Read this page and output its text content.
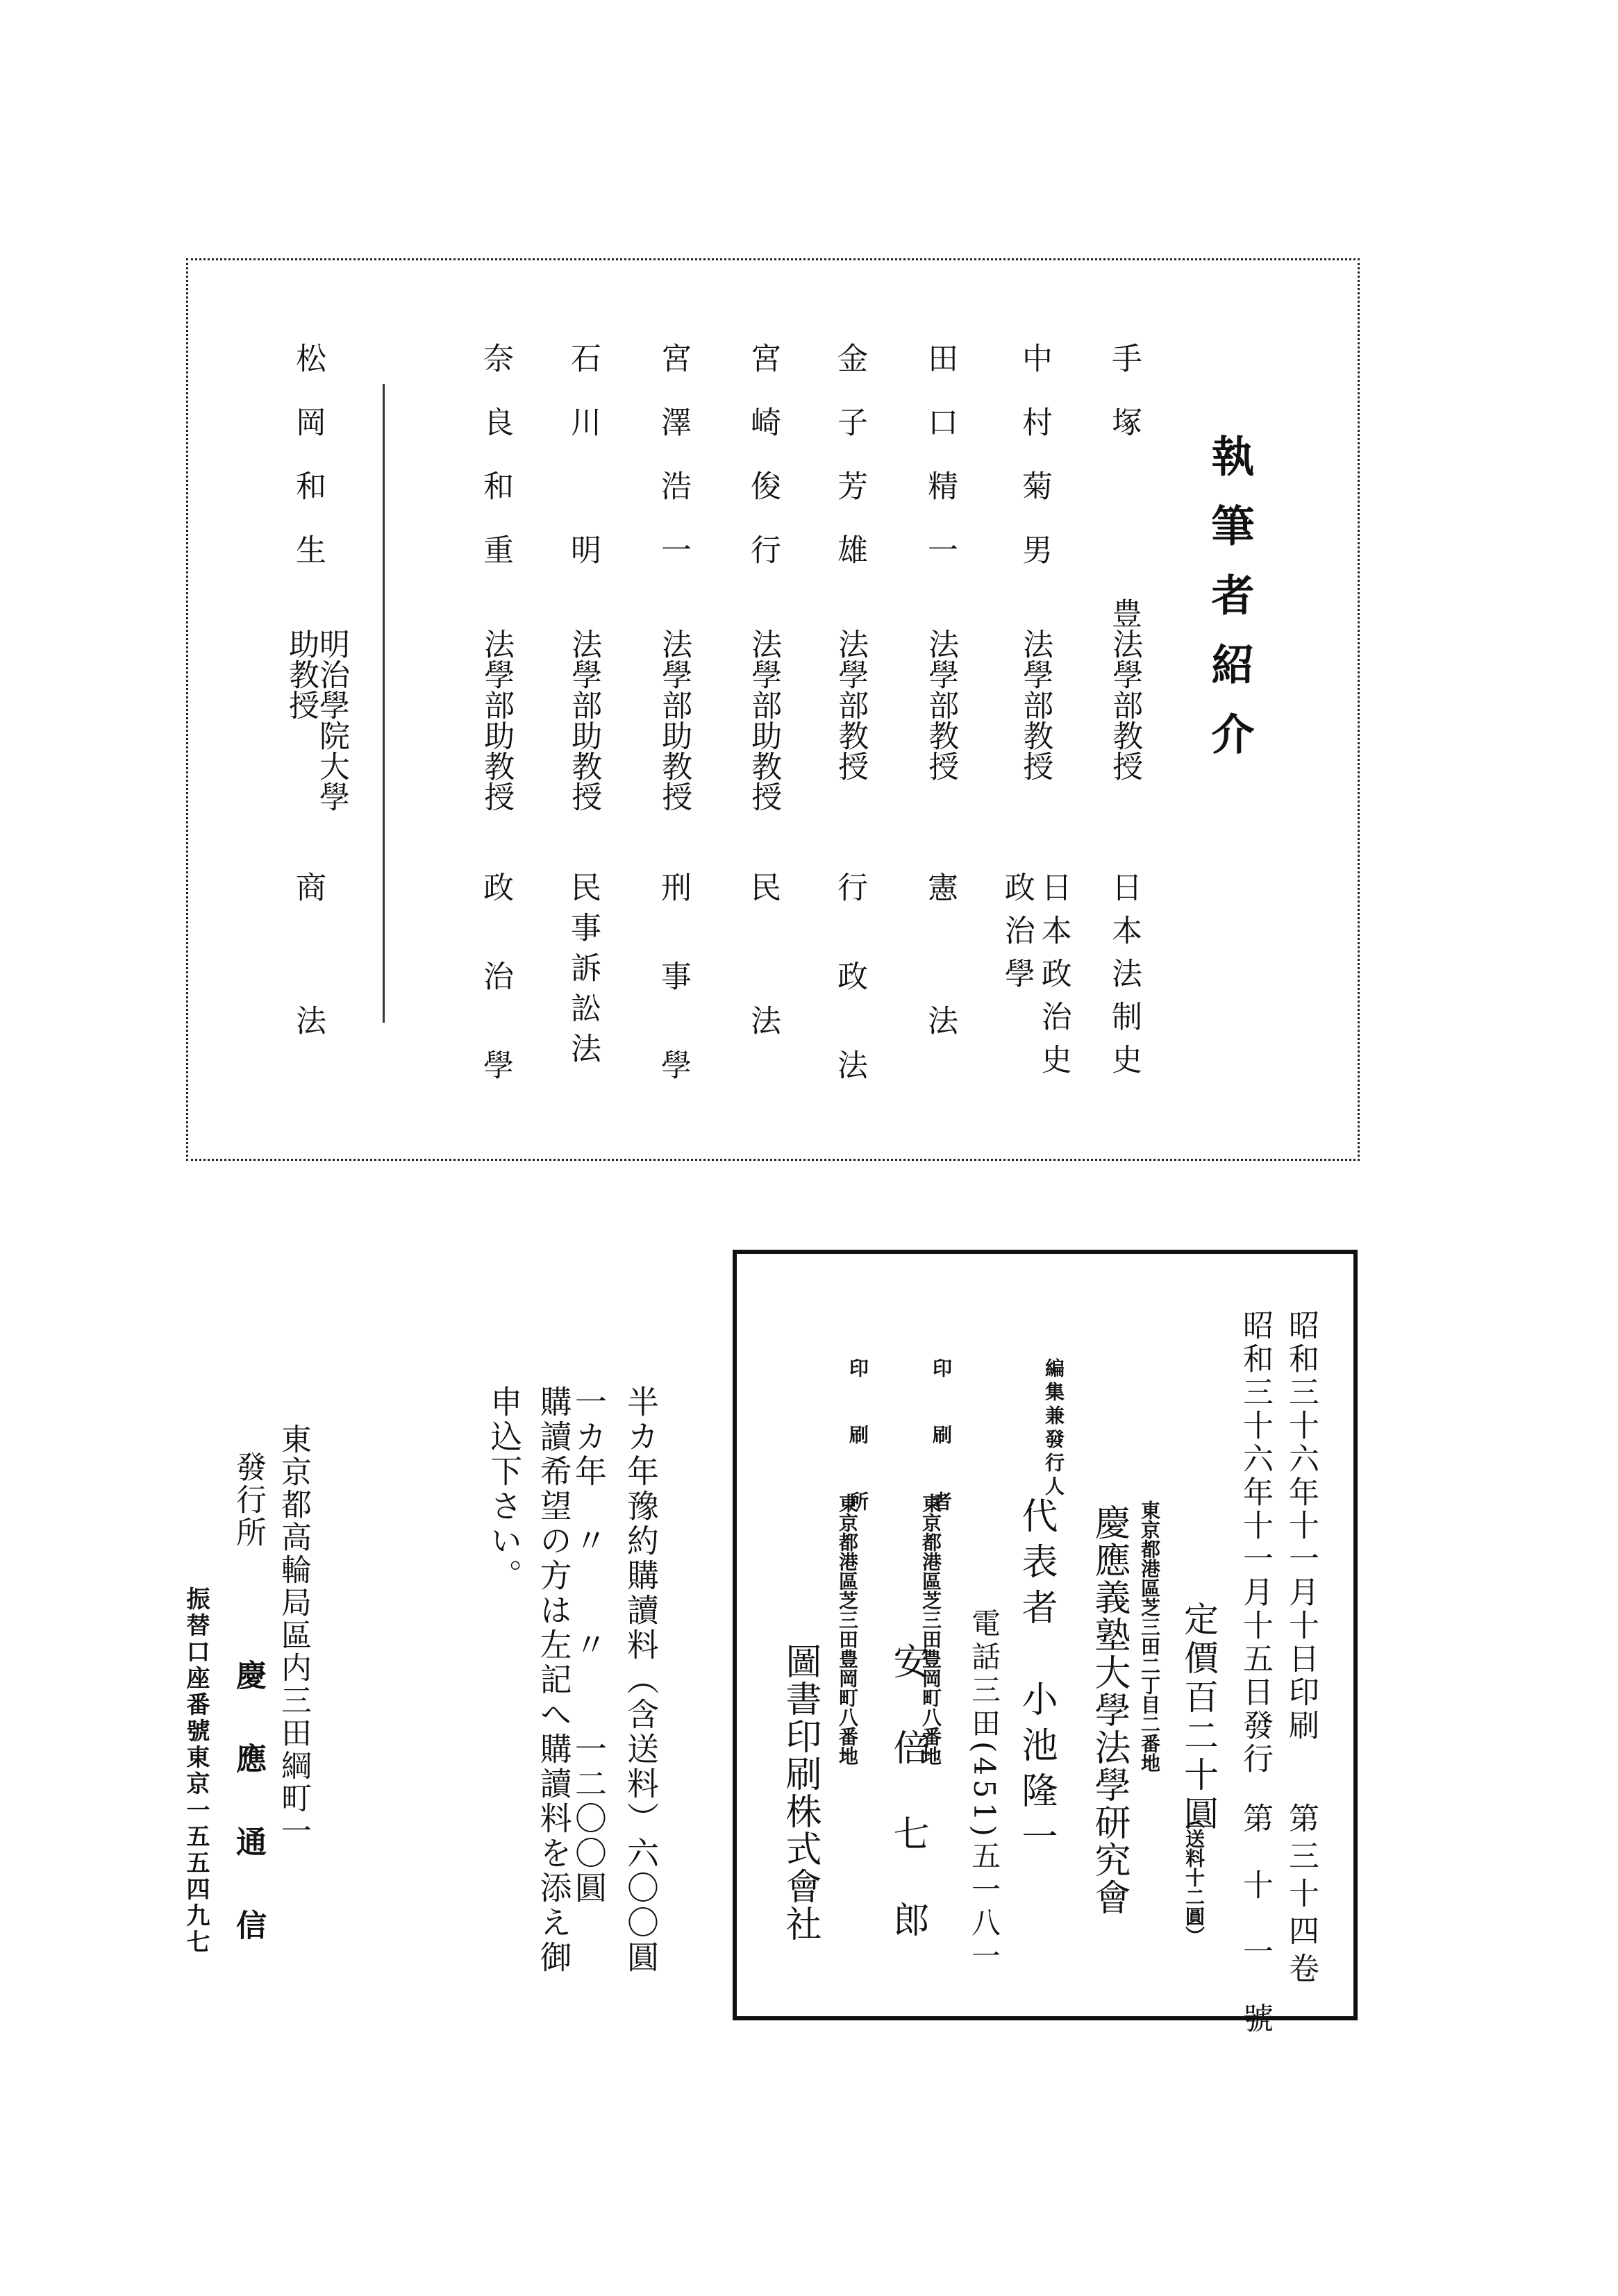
執筆者紹介
手塚　　豊
法學部教授
日本法制史
中村菊男
法學部教授
日本政治史
政治學
田口精一
法學部教授
憲　　法
金子芳雄
法學部教授
行　政　法
宮崎俊行
法學部助教授
民　　法
宮澤浩一
法學部助教授
刑　事　學
石川　明
法學部助教授
民事訴訟法
奈良和重
法學部助教授
政　治　學
松岡和生
明治學院大學
助教授
商　　法
昭和三十六年十一月十日印刷
第三十四卷
昭和三十六年十一月十五日發行
第　十　一　號
定價百二十圓
（送料十二圓）
東京都港區芝三田二丁目二番地
慶應義塾大學法學研究會
編集兼發行人
代表者　小池隆一
電話三田(451)五一八一
東京都港區芝三田豊岡町八番地
印　刷　者
安　倍　七　郎
東京都港區芝三田豊岡町八番地
印　刷　所
圖書印刷株式會社
半カ年豫約購讀料（含送料）六〇〇圓
一カ年　〃　　〃　　一二〇〇圓
購讀希望の方は左記へ購讀料を添え御
申込下さい。
東京都高輪局區内三田綱町一
發行所
慶　應　通　信
振替口座番號東京一五五四九七
